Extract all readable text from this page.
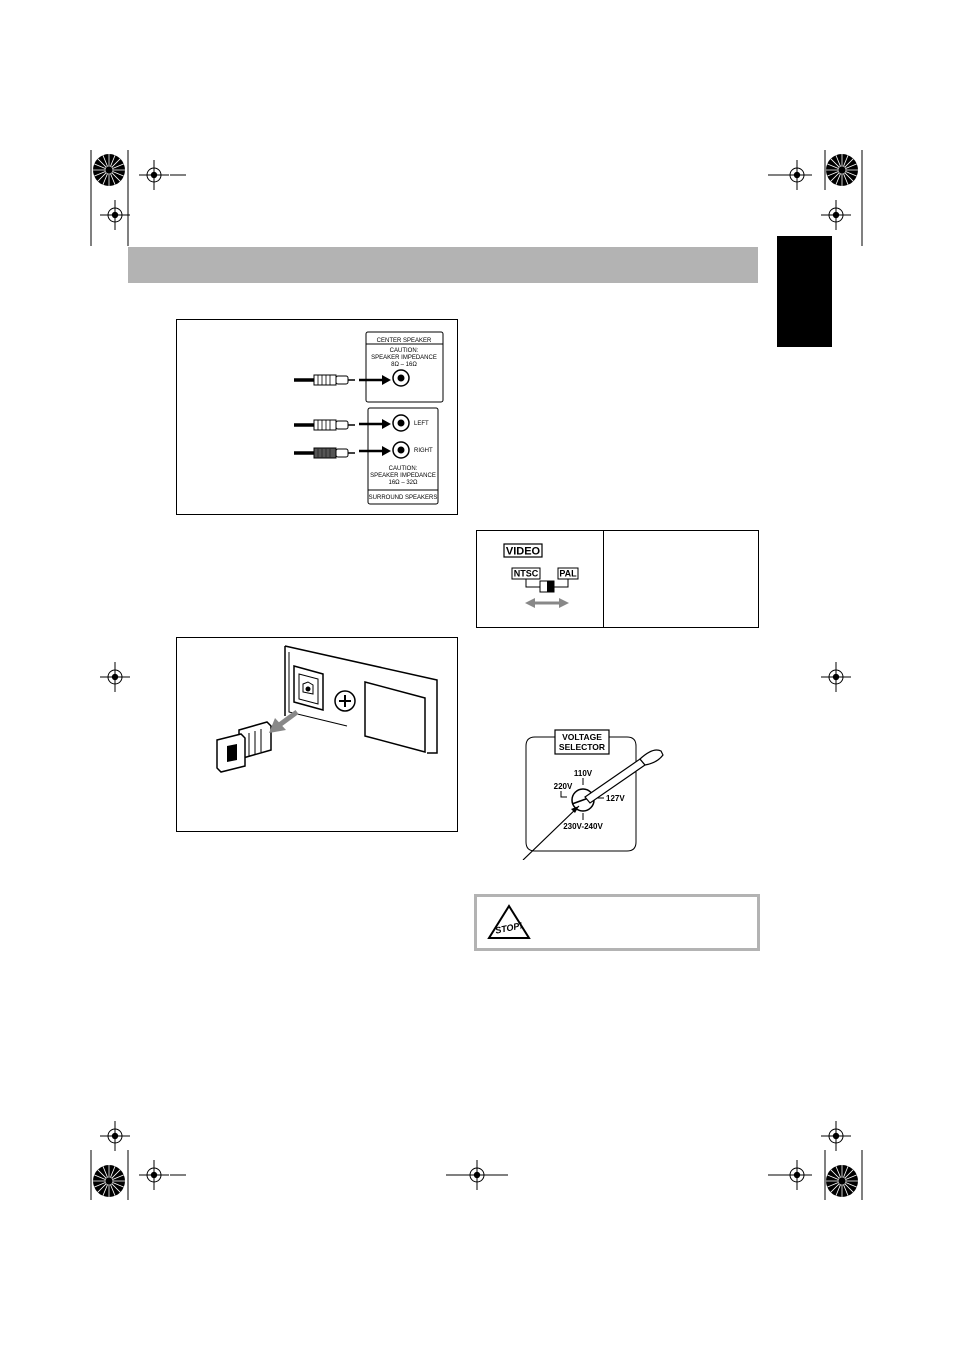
CENTER SPEAKER
CAUTION:
SPEAKER IMPEDANCE
8Ω – 16Ω
LEFT
RIGHT
CAUTION:
SPEAKER IMPEDANCE
16Ω – 32Ω
SURROUND SPEAKERS
VIDEO
NTSC PAL
VOLTAGE
SELECTOR
110V
220V
127V
230V-240V
STOP!
